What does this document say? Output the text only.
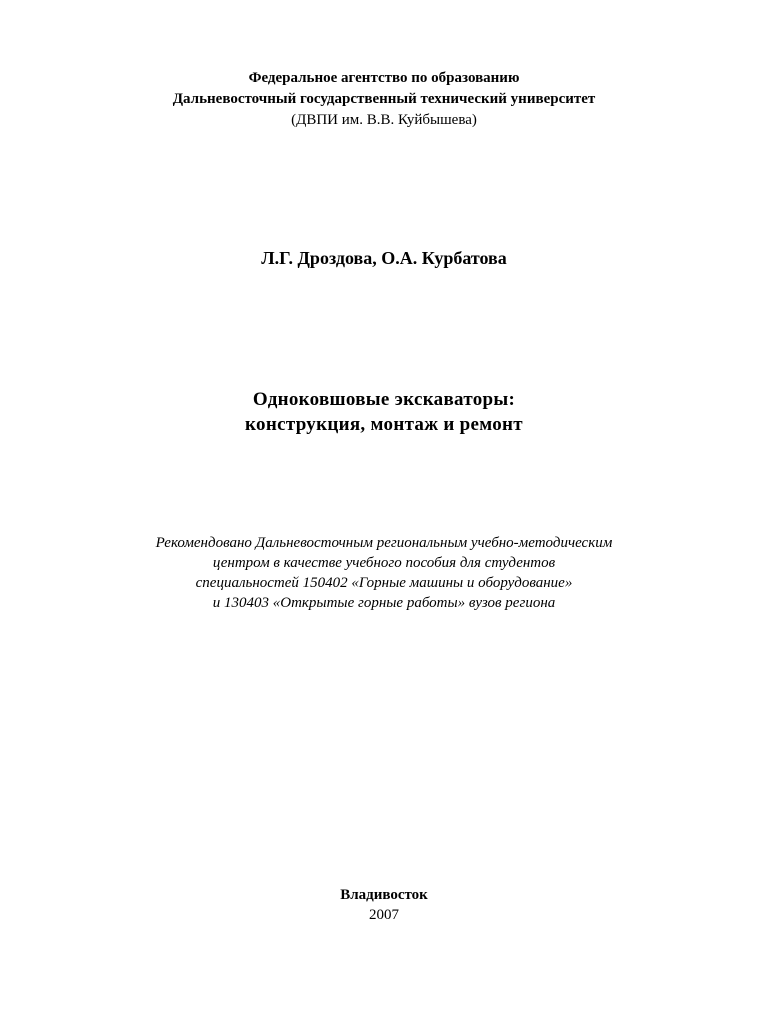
Федеральное агентство по образованию
Дальневосточный государственный технический университет
(ДВПИ им. В.В. Куйбышева)
Л.Г. Дроздова, О.А. Курбатова
Одноковшовые экскаваторы:
конструкция, монтаж и ремонт
Рекомендовано Дальневосточным региональным учебно-методическим
центром в качестве учебного пособия для студентов
специальностей 150402 «Горные машины и оборудование»
и 130403 «Открытые горные работы» вузов региона
Владивосток
2007
